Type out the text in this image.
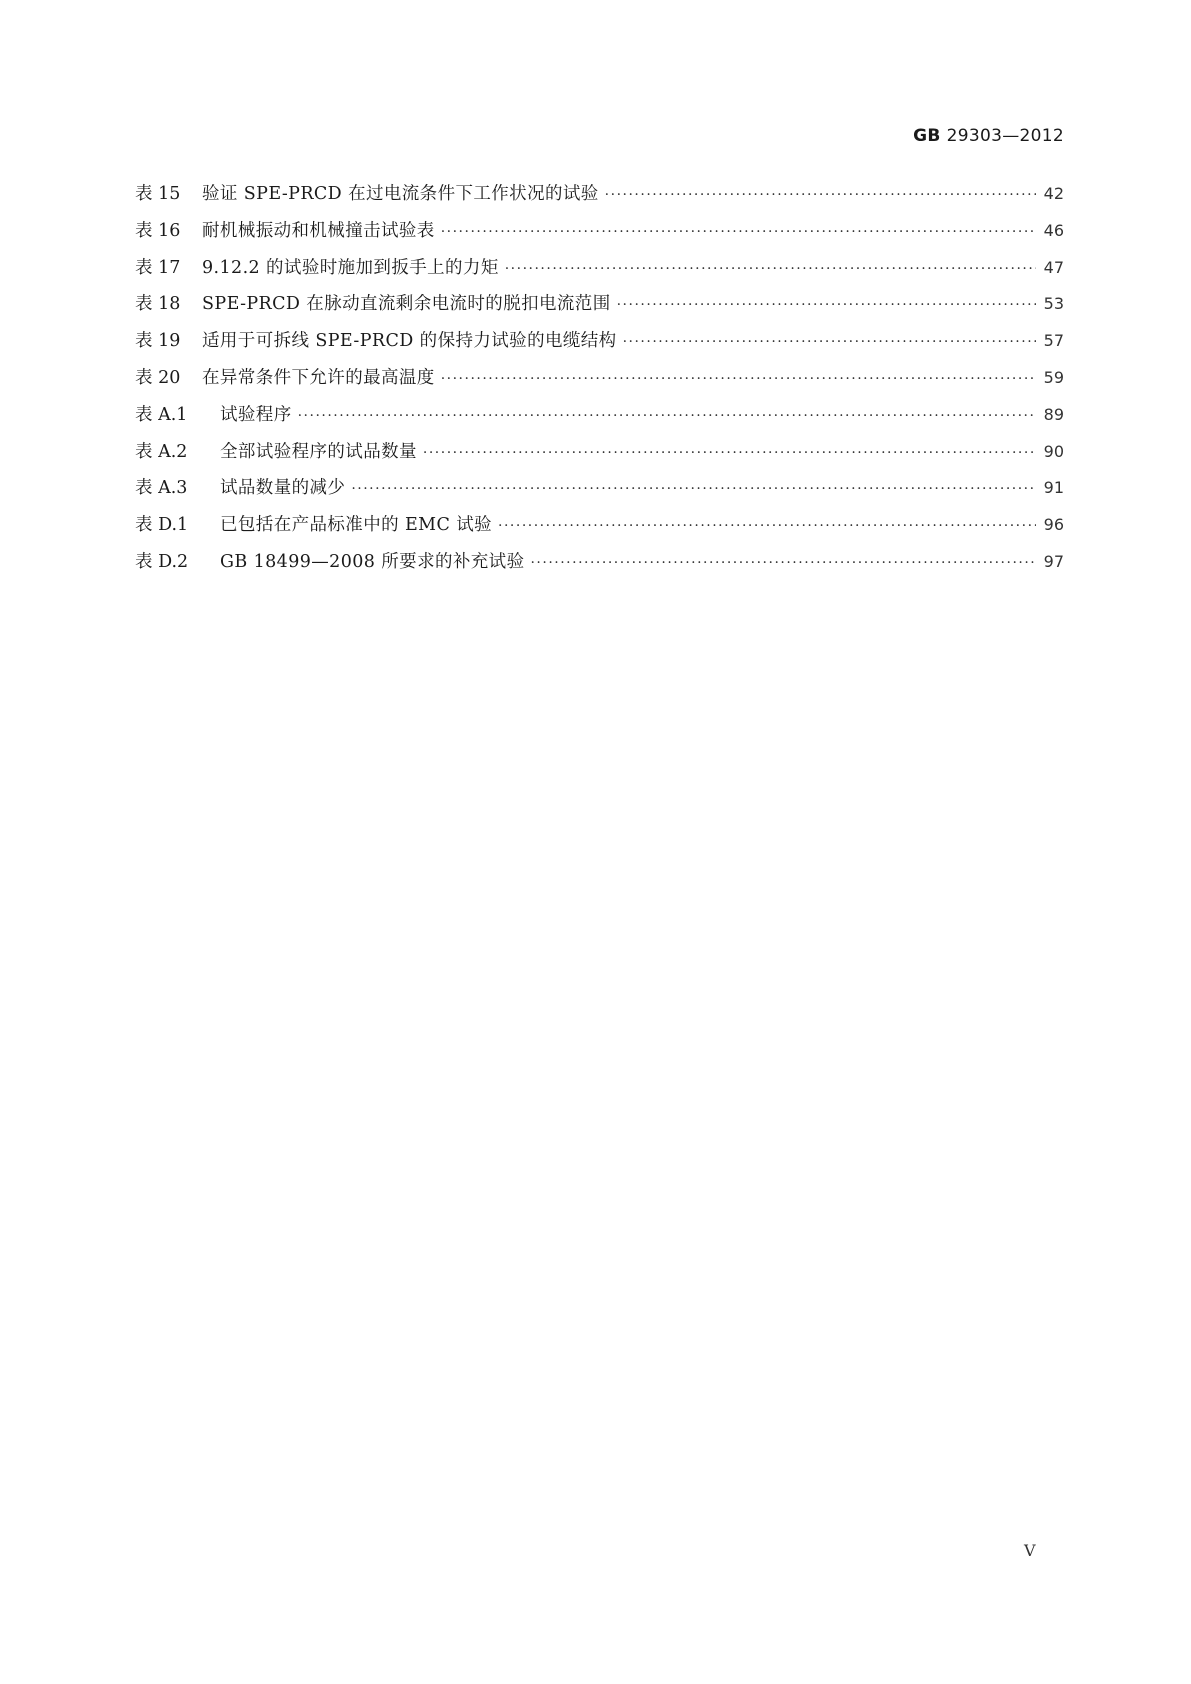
GB 29303—2012
表 15	验证 SPE-PRCD 在过电流条件下工作状况的试验 ·····	42
表 16	耐机械振动和机械撞击试验表 ·····	46
表 17	9.12.2 的试验时施加到扳手上的力矩 ·····	47
表 18	SPE-PRCD 在脉动直流剩余电流时的脱扣电流范围 ·····	53
表 19	适用于可拆线 SPE-PRCD 的保持力试验的电缆结构 ·····	57
表 20	在异常条件下允许的最高温度 ·····	59
表 A.1	试验程序 ·····	89
表 A.2	全部试验程序的试品数量 ·····	90
表 A.3	试品数量的减少 ·····	91
表 D.1	已包括在产品标准中的 EMC 试验 ·····	96
表 D.2	GB 18499—2008 所要求的补充试验 ·····	97
Ⅴ
